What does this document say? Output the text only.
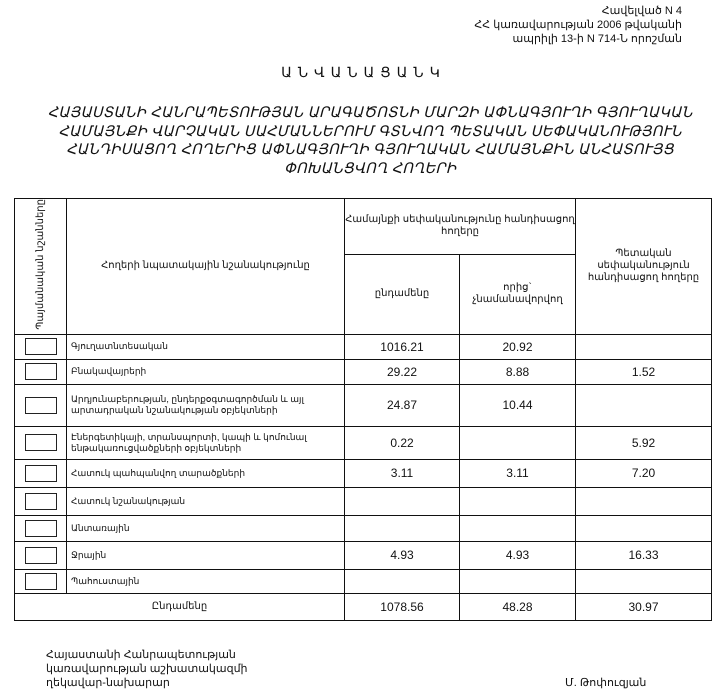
Հավելված N 4
ՀՀ կառավարության 2006 թվականի
ապրիլի 13-ի N 714-Ն որոշման
ԱՆՎԱՆԱՑԱՆԿ
ՀԱՅԱՍՏԱՆԻ ՀԱՆՐԱՊԵՏՈՒԹՅԱՆ ԱՐԱԳԱԾՈՏՆԻ ՄԱՐԶԻ ԱՓՆԱԳՅՈՒՂԻ ԳՅՈՒՂԱԿԱՆ
ՀԱՄԱՅՆՔԻ ՎԱՐՉԱԿԱՆ ՍԱՀՄԱՆՆԵՐՈՒՄ ԳՏՆՎՈՂ ՊԵՏԱԿԱՆ ՍԵՓԱԿԱՆՈՒԹՅՈՒՆ
ՀԱՆԴԻՍԱՑՈՂ ՀՈՂԵՐԻՑ ԱՓՆԱԳՅՈՒՂԻ ԳՅՈՒՂԱԿԱՆ ՀԱՄԱՅՆՔԻՆ ԱՆՀԱՏՈՒՅՑ
ՓՈԽԱՆՑՎՈՂ ՀՈՂԵՐԻ
Պայմանական նշանները	Հողերի նպատակային նշանակությունը	Համայնքի սեփականությունը հանդիսացող հողերը		Պետական սեփականություն հանդիսացող հողերը
		ընդամենը	որից` չնամանավորվող	

	Գյուղատնտեսական	1016.21	20.92	

	Բնակավայրերի	29.22	8.88	1.52

	Արդյունաբերության, ընդերքօգտագործման և այլ արտադրական նշանակության օբյեկտների	24.87	10.44	

	Էներգետիկայի, տրանսպորտի, կապի և կոմունալ ենթակառուցվածքների օբյեկտների	0.22		5.92

	Հատուկ պահպանվող տարածքների	3.11	3.11	7.20

	Հատուկ նշանակության			

	Անտառային			

	Ջրային	4.93	4.93	16.33

	Պահուստային			
Ընդամենը		1078.56	48.28	30.97
Հայաստանի Հանրապետության
կառավարության աշխատակազմի
ղեկավար-նախարար	Մ. Թոփուզյան
